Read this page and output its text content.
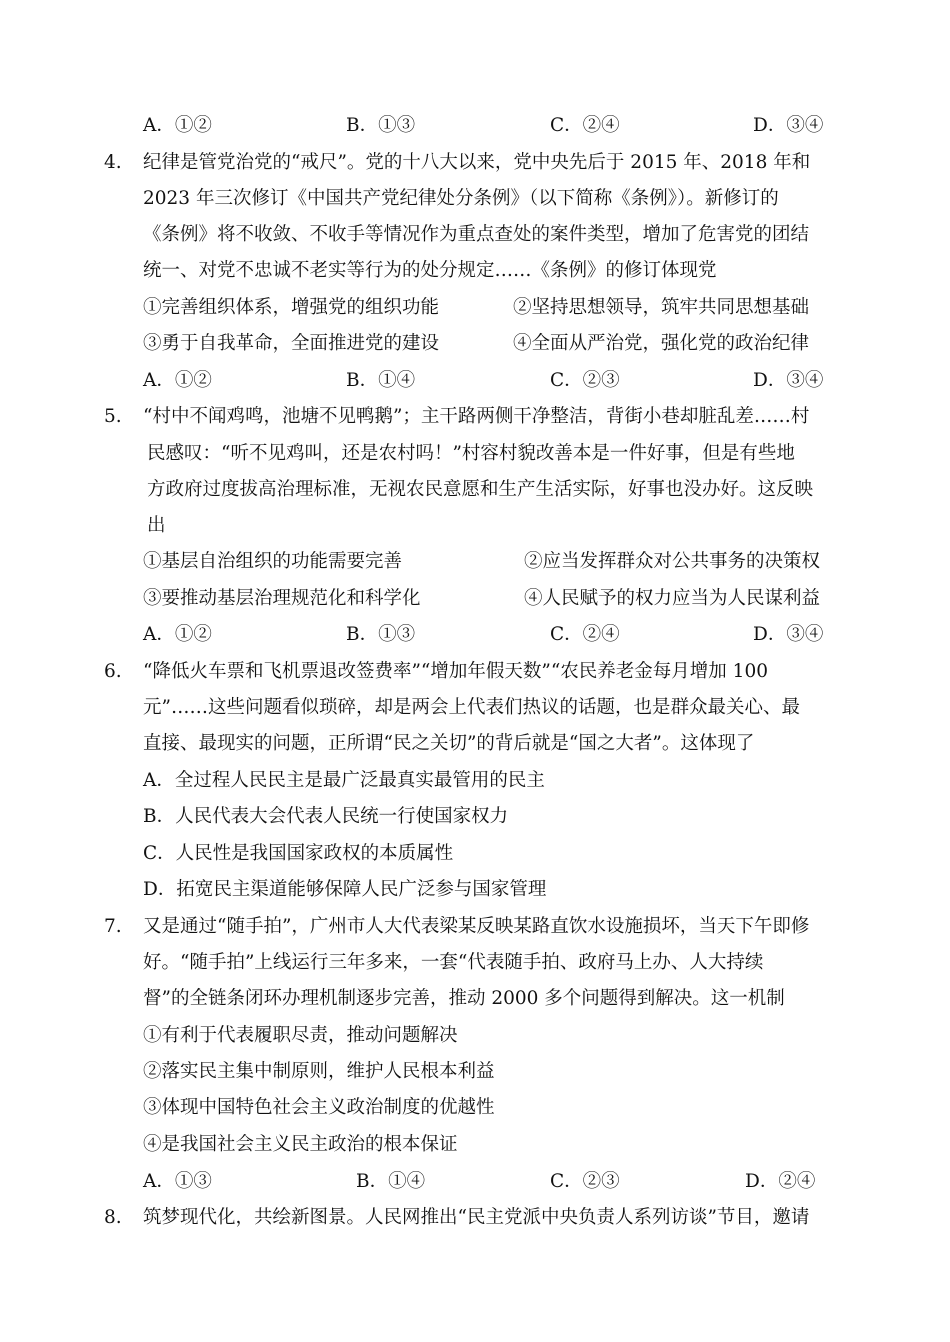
A．①②	B．①③	C．②④	D．③④
4. 纪律是管党治党的“戒尺”。党的十八大以来，党中央先后于 2015 年、2018 年和
2023 年三次修订《中国共产党纪律处分条例》（以下简称《条例》）。新修订的
《条例》将不收敛、不收手等情况作为重点查处的案件类型，增加了危害党的团结
统一、对党不忠诚不老实等行为的处分规定……《条例》的修订体现党
①完善组织体系，增强党的组织功能	②坚持思想领导，筑牢共同思想基础
③勇于自我革命，全面推进党的建设	④全面从严治党，强化党的政治纪律
A．①②	B．①④	C．②③	D．③④
5. “村中不闻鸡鸣，池塘不见鸭鹅”；主干路两侧干净整洁，背街小巷却脏乱差……村
民感叹：“听不见鸡叫，还是农村吗！”村容村貌改善本是一件好事，但是有些地
方政府过度拔高治理标准，无视农民意愿和生产生活实际，好事也没办好。这反映
出
①基层自治组织的功能需要完善	②应当发挥群众对公共事务的决策权
③要推动基层治理规范化和科学化	④人民赋予的权力应当为人民谋利益
A．①②	B．①③	C．②④	D．③④
6. “降低火车票和飞机票退改签费率”“增加年假天数”“农民养老金每月增加 100
元”……这些问题看似琐碎，却是两会上代表们热议的话题，也是群众最关心、最
直接、最现实的问题，正所谓“民之关切”的背后就是“国之大者”。这体现了
A．全过程人民民主是最广泛最真实最管用的民主
B．人民代表大会代表人民统一行使国家权力
C．人民性是我国国家政权的本质属性
D．拓宽民主渠道能够保障人民广泛参与国家管理
7. 又是通过“随手拍”，广州市人大代表梁某反映某路直饮水设施损坏，当天下午即修
好。“随手拍”上线运行三年多来，一套“代表随手拍、政府马上办、人大持续
督”的全链条闭环办理机制逐步完善，推动 2000 多个问题得到解决。这一机制
①有利于代表履职尽责，推动问题解决
②落实民主集中制原则，维护人民根本利益
③体现中国特色社会主义政治制度的优越性
④是我国社会主义民主政治的根本保证
A．①③	B．①④	C．②③	D．②④
8. 筑梦现代化，共绘新图景。人民网推出“民主党派中央负责人系列访谈”节目，邀请
